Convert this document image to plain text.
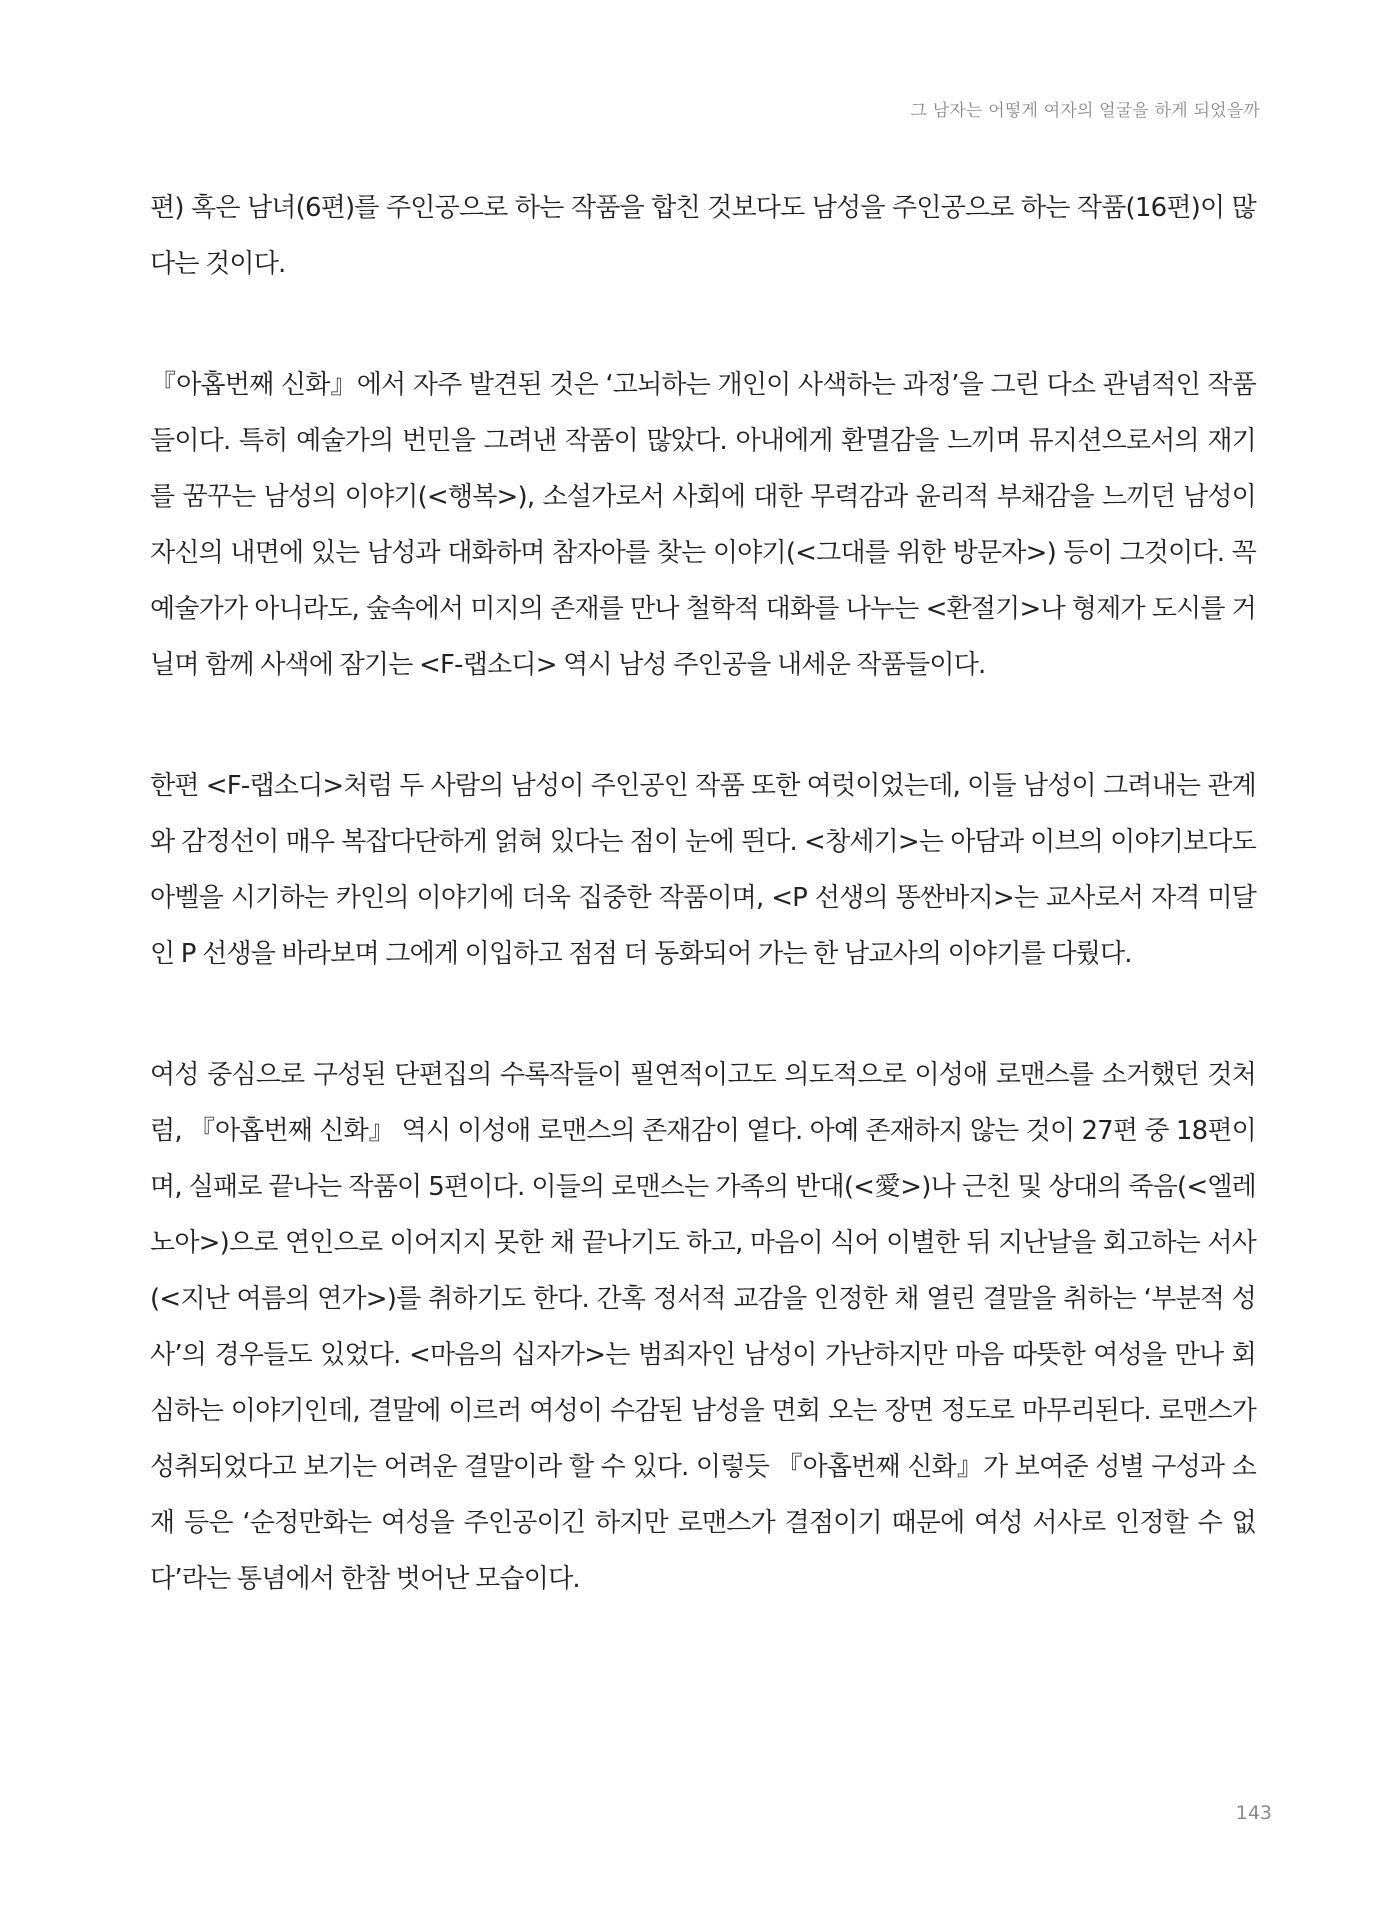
그 남자는 어떻게 여자의 얼굴을 하게 되었을까

편) 혹은 남녀(6편)를 주인공으로 하는 작품을 합친 것보다도 남성을 주인공으로 하는 작품(16편)이 많다는 것이다.

『아홉번째 신화』에서 자주 발견된 것은 ‘고뇌하는 개인이 사색하는 과정’을 그린 다소 관념적인 작품들이다. 특히 예술가의 번민을 그려낸 작품이 많았다. 아내에게 환멸감을 느끼며 뮤지션으로서의 재기를 꿈꾸는 남성의 이야기(<행복>), 소설가로서 사회에 대한 무력감과 윤리적 부채감을 느끼던 남성이 자신의 내면에 있는 남성과 대화하며 참자아를 찾는 이야기(<그대를 위한 방문자>) 등이 그것이다. 꼭 예술가가 아니라도, 숲속에서 미지의 존재를 만나 철학적 대화를 나누는 <환절기>나 형제가 도시를 거닐며 함께 사색에 잠기는 <F-랩소디> 역시 남성 주인공을 내세운 작품들이다.

한편 <F-랩소디>처럼 두 사람의 남성이 주인공인 작품 또한 여럿이었는데, 이들 남성이 그려내는 관계와 감정선이 매우 복잡다단하게 얽혀 있다는 점이 눈에 띈다. <창세기>는 아담과 이브의 이야기보다도 아벨을 시기하는 카인의 이야기에 더욱 집중한 작품이며, <P 선생의 똥싼바지>는 교사로서 자격 미달인 P 선생을 바라보며 그에게 이입하고 점점 더 동화되어 가는 한 남교사의 이야기를 다뤘다.

여성 중심으로 구성된 단편집의 수록작들이 필연적이고도 의도적으로 이성애 로맨스를 소거했던 것처럼, 『아홉번째 신화』 역시 이성애 로맨스의 존재감이 옅다. 아예 존재하지 않는 것이 27편 중 18편이며, 실패로 끝나는 작품이 5편이다. 이들의 로맨스는 가족의 반대(<愛>)나 근친 및 상대의 죽음(<엘레노아>)으로 연인으로 이어지지 못한 채 끝나기도 하고, 마음이 식어 이별한 뒤 지난날을 회고하는 서사(<지난 여름의 연가>)를 취하기도 한다. 간혹 정서적 교감을 인정한 채 열린 결말을 취하는 ‘부분적 성사’의 경우들도 있었다. <마음의 십자가>는 범죄자인 남성이 가난하지만 마음 따뜻한 여성을 만나 회심하는 이야기인데, 결말에 이르러 여성이 수감된 남성을 면회 오는 장면 정도로 마무리된다. 로맨스가 성취되었다고 보기는 어려운 결말이라 할 수 있다. 이렇듯 『아홉번째 신화』가 보여준 성별 구성과 소재 등은 ‘순정만화는 여성을 주인공이긴 하지만 로맨스가 결점이기 때문에 여성 서사로 인정할 수 없다’라는 통념에서 한참 벗어난 모습이다.

143
